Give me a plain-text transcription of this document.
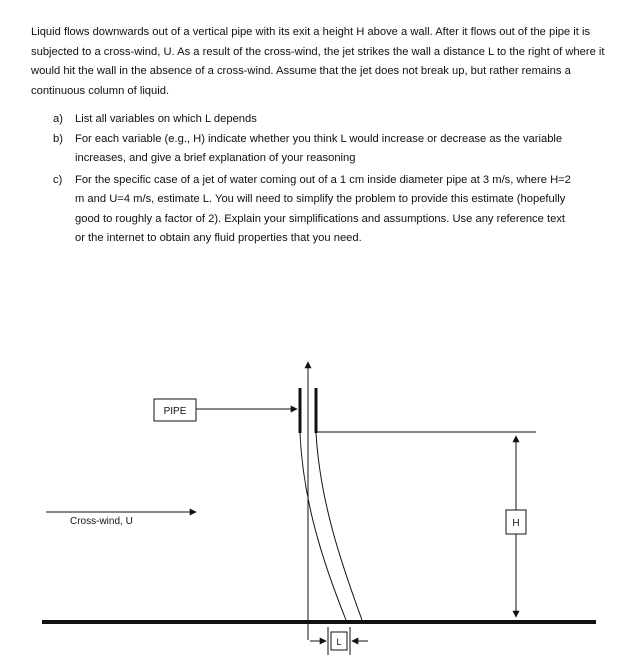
Liquid flows downwards out of a vertical pipe with its exit a height H above a wall. After it flows out of the pipe it is subjected to a cross-wind, U. As a result of the cross-wind, the jet strikes the wall a distance L to the right of where it would hit the wall in the absence of a cross-wind. Assume that the jet does not break up, but rather remains a continuous column of liquid.

a)	List all variables on which L depends
b)	For each variable (e.g., H) indicate whether you think L would increase or decrease as the variable increases, and give a brief explanation of your reasoning
c)	For the specific case of a jet of water coming out of a 1 cm inside diameter pipe at 3 m/s, where H=2 m and U=4 m/s, estimate L. You will need to simplify the problem to provide this estimate (hopefully good to roughly a factor of 2). Explain your simplifications and assumptions. Use any reference text or the internet to obtain any fluid properties that you need.
PIPE
Cross-wind, U	H
L
